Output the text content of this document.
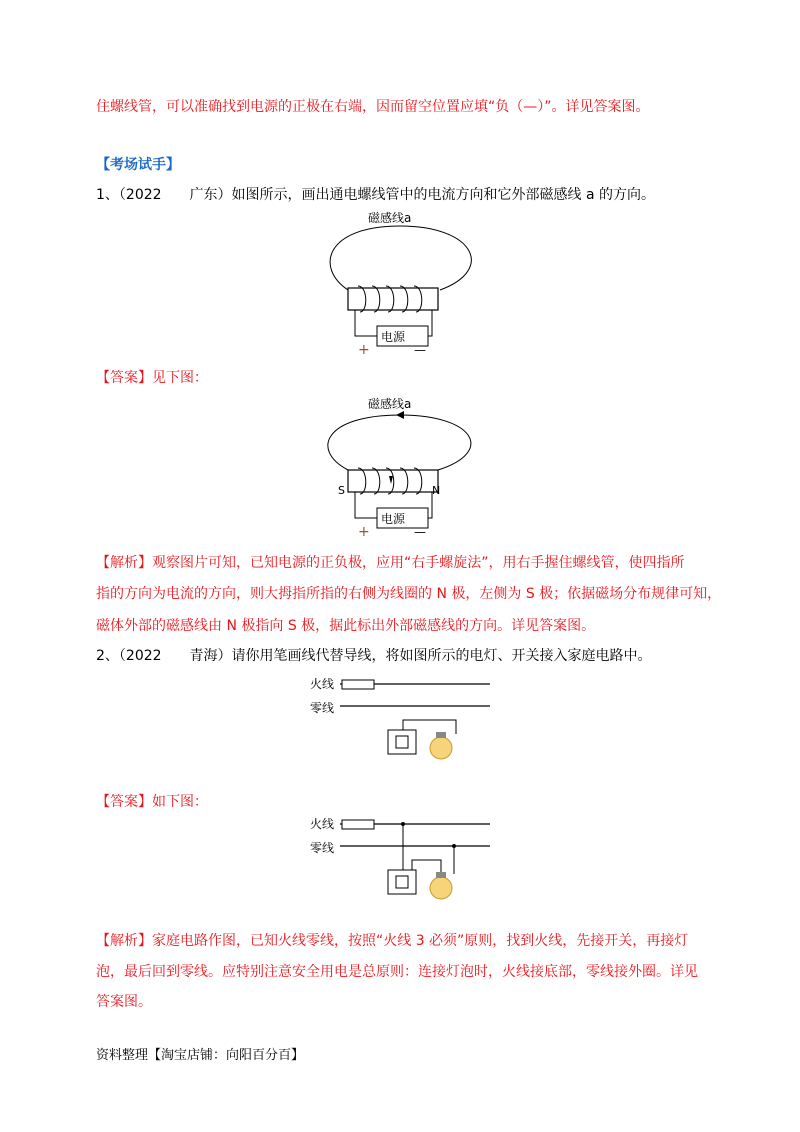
住螺线管，可以准确找到电源的正极在右端，因而留空位置应填“负（—）”。详见答案图。
【考场试手】
1、（2022　　广东）如图所示，画出通电螺线管中的电流方向和它外部磁感线 a 的方向。
磁感线a
电源
+	—
【答案】见下图：
磁感线a
S	N
电源
+	—
【解析】观察图片可知，已知电源的正负极，应用“右手螺旋法”，用右手握住螺线管，使四指所
指的方向为电流的方向，则大拇指所指的右侧为线圈的 N 极，左侧为 S 极；依据磁场分布规律可知，
磁体外部的磁感线由 N 极指向 S 极，据此标出外部磁感线的方向。详见答案图。
2、（2022　　青海）请你用笔画线代替导线，将如图所示的电灯、开关接入家庭电路中。
火线
零线
【答案】如下图：
火线
零线
【解析】家庭电路作图，已知火线零线，按照“火线 3 必须”原则，找到火线，先接开关，再接灯
泡，最后回到零线。应特别注意安全用电是总原则：连接灯泡时，火线接底部，零线接外圈。详见
答案图。
资料整理【淘宝店铺：向阳百分百】
